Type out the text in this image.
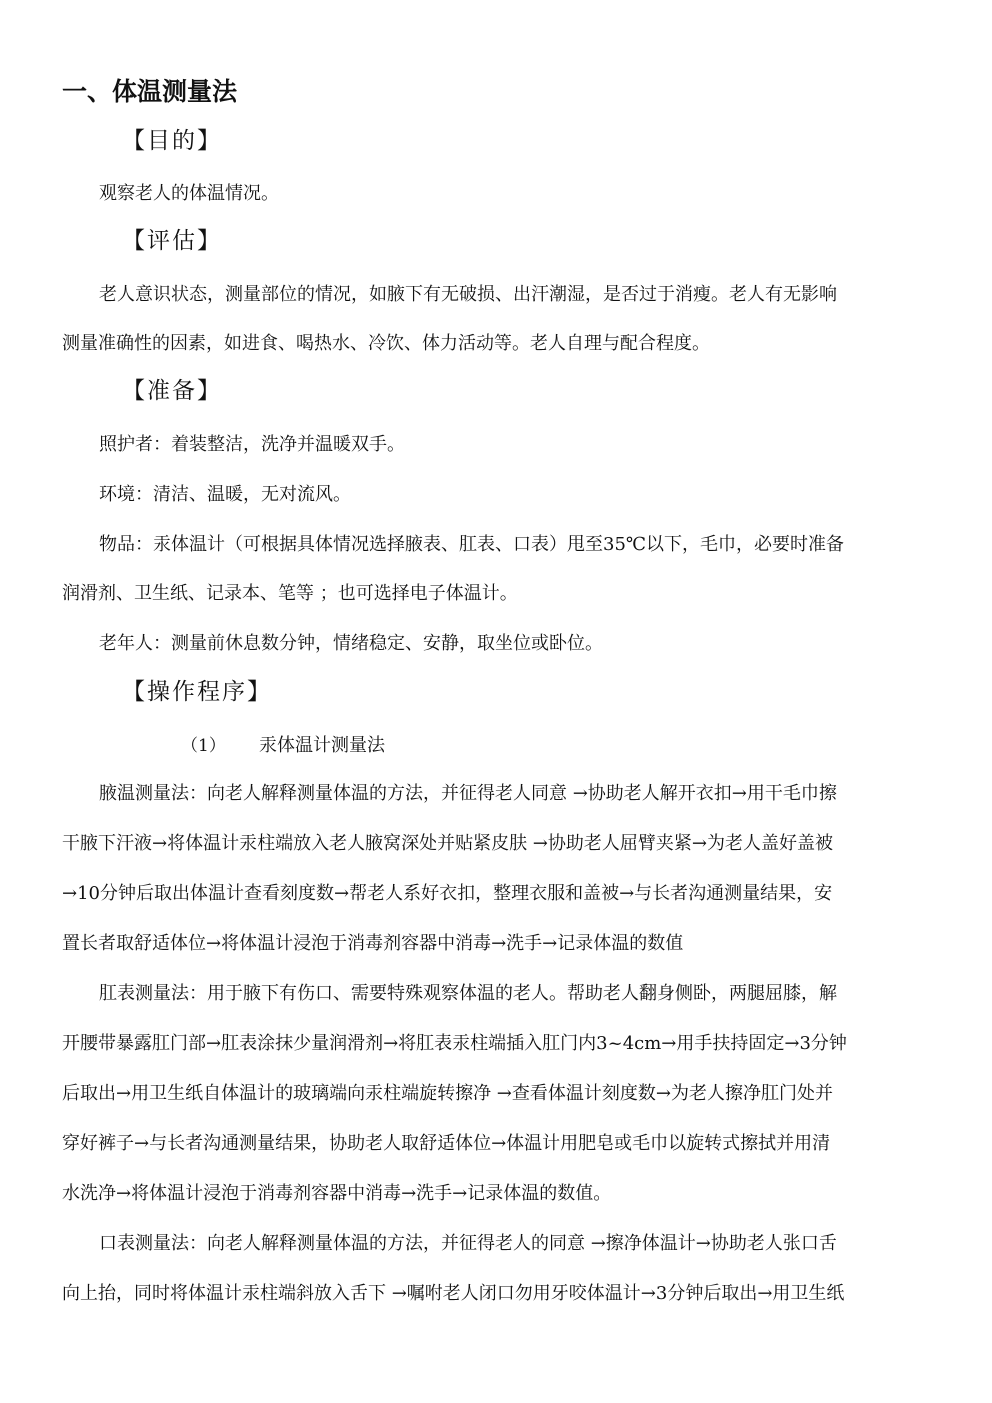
一、体温测量法
【目的】
观察老人的体温情况。
【评估】
老人意识状态，测量部位的情况，如腋下有无破损、出汗潮湿，是否过于消瘦。老人有无影响
测量准确性的因素，如进食、喝热水、冷饮、体力活动等。老人自理与配合程度。
【准备】
照护者：着装整洁，洗净并温暖双手。
环境：清洁、温暖，无对流风。
物品：汞体温计（可根据具体情况选择腋表、肛表、口表）甩至35℃以下，毛巾，必要时准备
润滑剂、卫生纸、记录本、笔等 ；也可选择电子体温计。
老年人：测量前休息数分钟，情绪稳定、安静，取坐位或卧位。
【操作程序】
（1） 汞体温计测量法
腋温测量法：向老人解释测量体温的方法，并征得老人同意 →协助老人解开衣扣→用干毛巾擦
干腋下汗液→将体温计汞柱端放入老人腋窝深处并贴紧皮肤 →协助老人屈臂夹紧→为老人盖好盖被
→10分钟后取出体温计查看刻度数→帮老人系好衣扣，整理衣服和盖被→与长者沟通测量结果，安
置长者取舒适体位→将体温计浸泡于消毒剂容器中消毒→洗手→记录体温的数值
肛表测量法：用于腋下有伤口、需要特殊观察体温的老人。帮助老人翻身侧卧，两腿屈膝，解
开腰带暴露肛门部→肛表涂抹少量润滑剂→将肛表汞柱端插入肛门内3~4cm→用手扶持固定→3分钟
后取出→用卫生纸自体温计的玻璃端向汞柱端旋转擦净 →查看体温计刻度数→为老人擦净肛门处并
穿好裤子→与长者沟通测量结果，协助老人取舒适体位→体温计用肥皂或毛巾以旋转式擦拭并用清
水洗净→将体温计浸泡于消毒剂容器中消毒→洗手→记录体温的数值。
口表测量法：向老人解释测量体温的方法，并征得老人的同意 →擦净体温计→协助老人张口舌
向上抬，同时将体温计汞柱端斜放入舌下 →嘱咐老人闭口勿用牙咬体温计→3分钟后取出→用卫生纸
